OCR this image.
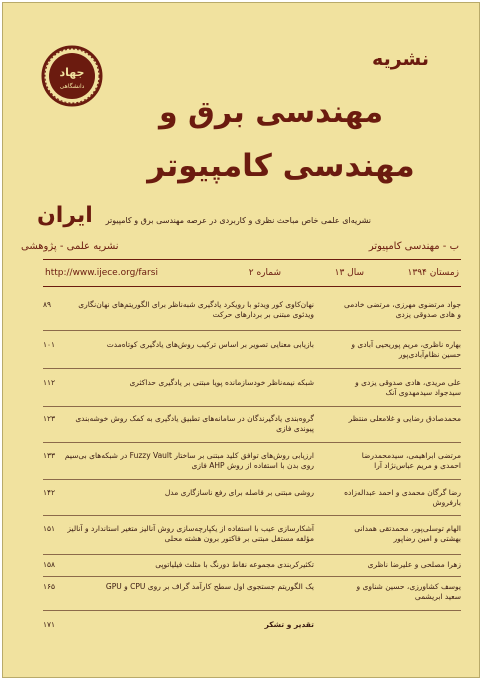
جهاد
دانشگاهی
نشریه
مهندسی برق و
مهندسی کامپیوتر
ایران نشریه‌ای علمی خاص مباحث نظری و کاربردی در عرصه مهندسی برق و کامپیوتر
ب - مهندسی کامپیوتر
نشریه علمی - پژوهشی
زمستان ۱۳۹۴
سال ۱۳
شماره ۲
http://www.ijece.org/farsi
جواد مرتضوی مهرزی، مرتضی خادمی و هادی صدوقی یزدی
نهان‌کاوی کور ویدئو با رویکرد یادگیری شبه‌ناظر برای الگوریتم‌های نهان‌نگاری ویدئوی مبتنی بر بردارهای حرکت
۸۹
بهاره ناظری، مریم پوریحیی آبادی و حسین نظام‌آبادی‌پور
بازیابی معنایی تصویر بر اساس ترکیب روش‌های یادگیری کوتاه‌مدت
۱۰۱
علی مریدی، هادی صدوقی یزدی و سیدجواد سیدمهدوی آنک
شبکه نیمه‌ناظر خودسازمانده پویا مبتنی بر یادگیری حداکثری
۱۱۲
محمدصادق رضایی و غلامعلی منتظر
گروه‌بندی یادگیرندگان در سامانه‌های تطبیق یادگیری به کمک روش خوشه‌بندی پیوندی فازی
۱۲۳
مرتضی ابراهیمی، سیدمحمدرضا احمدی و مریم عباس‌نژاد آرا
ارزیابی روش‌های توافق کلید مبتنی بر ساختار Fuzzy Vault در شبکه‌های بی‌سیم روی بدن با استفاده از روش AHP فازی
۱۳۳
رضا گرگان محمدی و احمد عبداله‌زاده بارفروش
روشی مبتنی بر فاصله برای رفع ناسازگاری مدل
۱۴۲
الهام توسلی‌پور، محمدتقی همدانی بهشتی و امین رضاپور
آشکارسازی عیب با استفاده از یکپارچه‌سازی روش آنالیز متغیر استاندارد و آنالیز مؤلفه مستقل مبتنی بر فاکتور برون هشته محلی
۱۵۱
زهرا مصلحی و علیرضا ناظری
تکثیرکربندی مجموعه نقاط دورنگ با مثلث فیلیاتوپی
۱۵۸
یوسف کشاورزی، حسین شناوی و سعید ابریشمی
یک الگوریتم جستجوی اول سطح کارآمد گراف بر روی CPU و GPU
۱۶۵
تقدیر و تشکر
۱۷۱
